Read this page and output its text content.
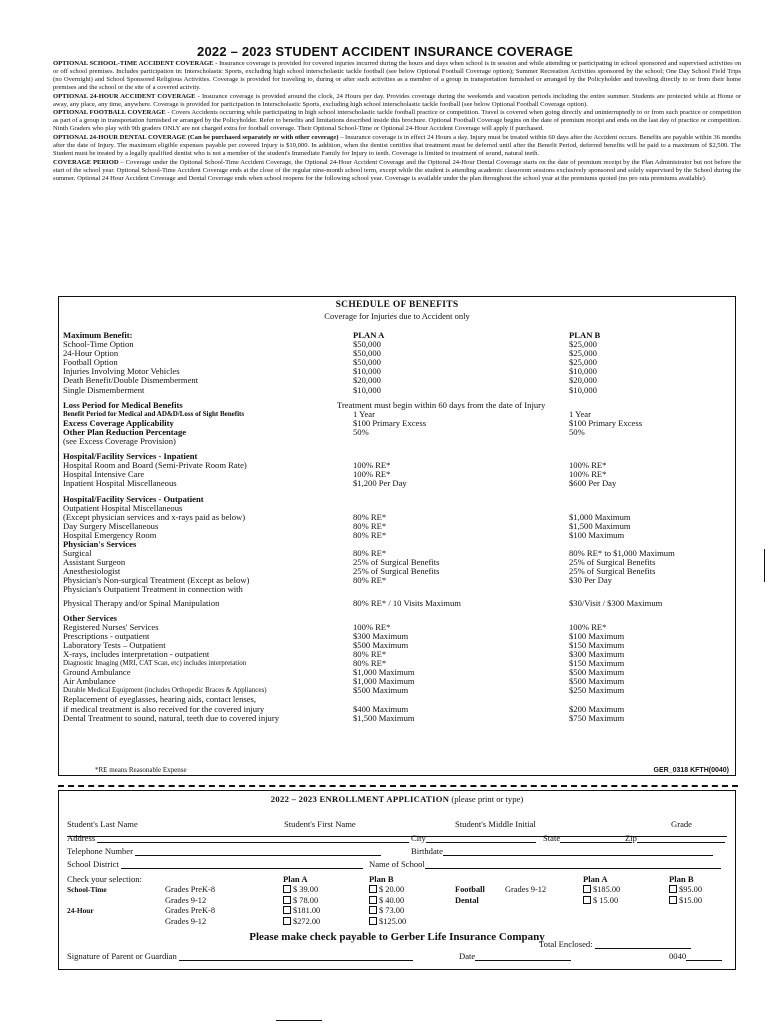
2022 – 2023 STUDENT ACCIDENT INSURANCE COVERAGE

OPTIONAL SCHOOL-TIME ACCIDENT COVERAGE - Insurance coverage is provided for covered injuries incurred during the hours and days when school is in session and while attending or participating in school sponsored and supervised activities on or off school premises. Includes participation in: Interscholastic Sports, excluding high school interscholastic tackle football (see below Optional Football Coverage option); Summer Recreation Activities sponsored by the school; One Day School Field Trips (no Overnight) and School Sponsored Religious Activities. Coverage is provided for traveling to, during or after such activities as a member of a group in transportation furnished or arranged by the Policyholder and traveling directly to or from their home premises and the school or the site of a covered activity.

OPTIONAL 24-HOUR ACCIDENT COVERAGE - Insurance coverage is provided around the clock, 24 Hours per day. Provides coverage during the weekends and vacation periods including the entire summer. Students are protected while at Home or away, any place, any time, anywhere. Coverage is provided for participation in Interscholastic Sports, excluding high school interscholastic tackle football (see below Optional Football Coverage option).

OPTIONAL FOOTBALL COVERAGE - Covers Accidents occurring while participating in high school interscholastic tackle football practice or competition. Travel is covered when going directly and uninterruptedly to or from such practice or competition as part of a group in transportation furnished or arranged by the Policyholder. Refer to benefits and limitations described inside this brochure. Optional Football Coverage begins on the date of premium receipt and ends on the last day of practice or competition. Ninth Graders who play with 9th graders ONLY are not charged extra for football coverage. Their Optional School-Time or Optional 24-Hour Accident Coverage will apply if purchased.

OPTIONAL 24-HOUR DENTAL COVERAGE (Can be purchased separately or with other coverage) – Insurance coverage is in effect 24 Hours a day. Injury must be treated within 60 days after the Accident occurs. Benefits are payable within 36 months after the date of Injury. The maximum eligible expenses payable per covered Injury is $10,000. In addition, when the dentist certifies that treatment must be deferred until after the Benefit Period, deferred benefits will be paid to a maximum of $2,500. The Student must be treated by a legally qualified dentist who is not a member of the student's Immediate Family for Injury to teeth. Coverage is limited to treatment of sound, natural teeth.

COVERAGE PERIOD – Coverage under the Optional School-Time Accident Coverage, the Optional 24-Hour Accident Coverage and the Optional 24-Hour Dental Coverage starts on the date of premium receipt by the Plan Administrator but not before the start of the school year. Optional School-Time Accident Coverage ends at the close of the regular nine-month school term, except while the student is attending academic classroom sessions exclusively sponsored and solely supervised by the School during the summer. Optional 24 Hour Accident Coverage and Dental Coverage ends when school reopens for the following school year. Coverage is available under the plan throughout the school year at the premiums quoted (no pro rata premiums available).

SCHEDULE OF BENEFITS
Coverage for Injuries due to Accident only
Maximum Benefit:	PLAN A	PLAN B
School-Time Option	$50,000	$25,000
24-Hour Option	$50,000	$25,000
Football Option	$50,000	$25,000
Injuries Involving Motor Vehicles	$10,000	$10,000
Death Benefit/Double Dismemberment	$20,000	$20,000
Single Dismemberment	$10,000	$10,000
Loss Period for Medical Benefits	Treatment must begin within 60 days from the date of Injury
Benefit Period for Medical and AD&D/Loss of Sight Benefits	1 Year	1 Year
Excess Coverage Applicability	$100 Primary Excess	$100 Primary Excess
Other Plan Reduction Percentage	50%	50%
(see Excess Coverage Provision)
Hospital/Facility Services - Inpatient
Hospital Room and Board (Semi-Private Room Rate)	100% RE*	100% RE*
Hospital Intensive Care	100% RE*	100% RE*
Inpatient Hospital Miscellaneous	$1,200 Per Day	$600 Per Day
Hospital/Facility Services - Outpatient
Outpatient Hospital Miscellaneous
(Except physician services and x-rays paid as below)	80% RE*	$1,000 Maximum
Day Surgery Miscellaneous	80% RE*	$1,500 Maximum
Hospital Emergency Room	80% RE*	$100 Maximum
Physician's Services
Surgical	80% RE*	80% RE* to $1,000 Maximum
Assistant Surgeon	25% of Surgical Benefits	25% of Surgical Benefits
Anesthesiologist	25% of Surgical Benefits	25% of Surgical Benefits
Physician's Non-surgical Treatment (Except as below)	80% RE*	$30 Per Day
Physician's Outpatient Treatment in connection with
Physical Therapy and/or Spinal Manipulation	80% RE* / 10 Visits Maximum	$30/Visit / $300 Maximum
Other Services
Registered Nurses' Services	100% RE*	100% RE*
Prescriptions - outpatient	$300 Maximum	$100 Maximum
Laboratory Tests – Outpatient	$500 Maximum	$150 Maximum
X-rays, includes interpretation - outpatient	80% RE*	$300 Maximum
Diagnostic Imaging (MRI, CAT Scan, etc) includes interpretation	80% RE*	$150 Maximum
Ground Ambulance	$1,000 Maximum	$500 Maximum
Air Ambulance	$1,000 Maximum	$500 Maximum
Durable Medical Equipment (includes Orthopedic Braces & Appliances)	$500 Maximum	$250 Maximum
Replacement of eyeglasses, hearing aids, contact lenses,
if medical treatment is also received for the covered injury	$400 Maximum	$200 Maximum
Dental Treatment to sound, natural, teeth due to covered injury	$1,500 Maximum	$750 Maximum
*RE means Reasonable Expense	GER_0318 KFTH(0040)
2022 – 2023 ENROLLMENT APPLICATION (please print or type)
Student's Last Name	Student's First Name	Student's Middle Initial	Grade
Address	City	State	Zip
Telephone Number	Birthdate
School District	Name of School
Check your selection:	Plan A	Plan B	Plan A	Plan B
School-Time	Grades PreK-8	$ 39.00	$ 20.00
Grades 9-12	$ 78.00	$ 40.00
24-Hour	Grades PreK-8	$181.00	$ 73.00
Grades 9-12	$272.00	$125.00
Football Grades 9-12	$185.00	$95.00
Dental	$ 15.00	$15.00
Total Enclosed:
Please make check payable to Gerber Life Insurance Company
Signature of Parent or Guardian	Date	0040
